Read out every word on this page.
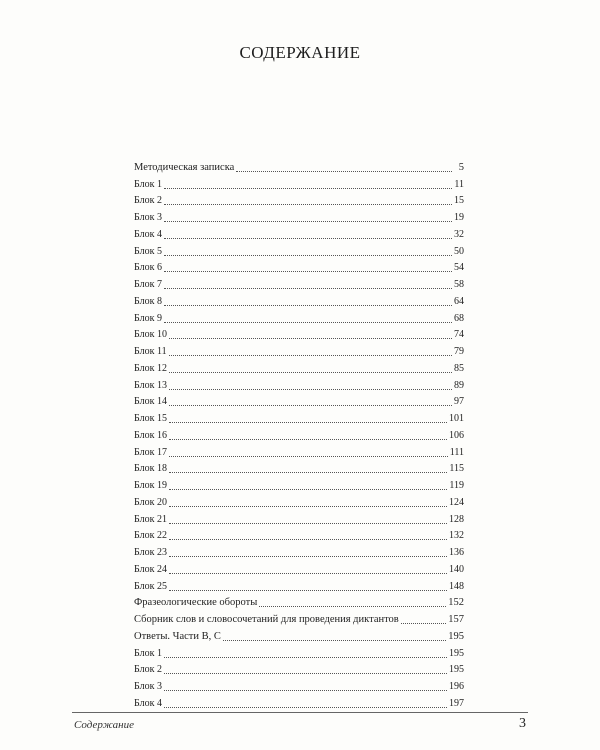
СОДЕРЖАНИЕ
Методическая записка	5
Блок 1	11
Блок 2	15
Блок 3	19
Блок 4	32
Блок 5	50
Блок 6	54
Блок 7	58
Блок 8	64
Блок 9	68
Блок 10	74
Блок 11	79
Блок 12	85
Блок 13	89
Блок 14	97
Блок 15	101
Блок 16	106
Блок 17	111
Блок 18	115
Блок 19	119
Блок 20	124
Блок 21	128
Блок 22	132
Блок 23	136
Блок 24	140
Блок 25	148
Фразеологические обороты	152
Сборник слов и словосочетаний для проведения диктантов	157
Ответы. Части В, С	195
Блок 1	195
Блок 2	195
Блок 3	196
Блок 4	197
Содержание	3
